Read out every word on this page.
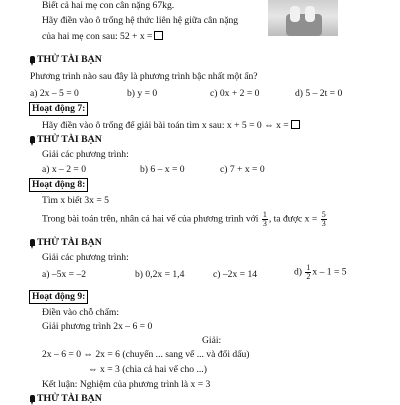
Biết cả hai mẹ con cân nặng 67kg.
Hãy điền vào ô trống hệ thức liên hệ giữa cân nặng
của hai mẹ con sau: 52 + x =
THỬ TÀI BẠN
Phương trình nào sau đây là phương trình bậc nhất một ẩn?
a) 2x – 5 = 0	b) y = 0	c) 0x + 2 = 0	d) 5 – 2t = 0
Hoạt động 7:
Hãy điền vào ô trống để giải bài toán tìm x sau: x + 5 = 0 ⇔ x =
THỬ TÀI BẠN
Giải các phương trình:
a) x – 2 = 0	b) 6 – x = 0	c) 7 + x = 0
Hoạt động 8:
Tìm x biết 3x = 5
Trong bài toán trên, nhân cả hai vế của phương trình với $\frac{1}{3}$ , ta được $x = \frac{5}{3}$
THỬ TÀI BẠN
Giải các phương trình:
a) –5x = –2	b) 0,2x = 1,4	c) –2x = 14	$d) \frac{1}{2}$ x – 1 = 5
Hoạt động 9:
Điền vào chỗ chấm:
Giải phương trình 2x – 6 = 0
Giải:
2x – 6 = 0 ⇔ 2x = 6 (chuyển ... sang vế ... và đổi dấu)
⇔ x = 3 (chia cả hai vế cho ...)
Kết luận: Nghiệm của phương trình là x = 3
THỬ TÀI BẠN
